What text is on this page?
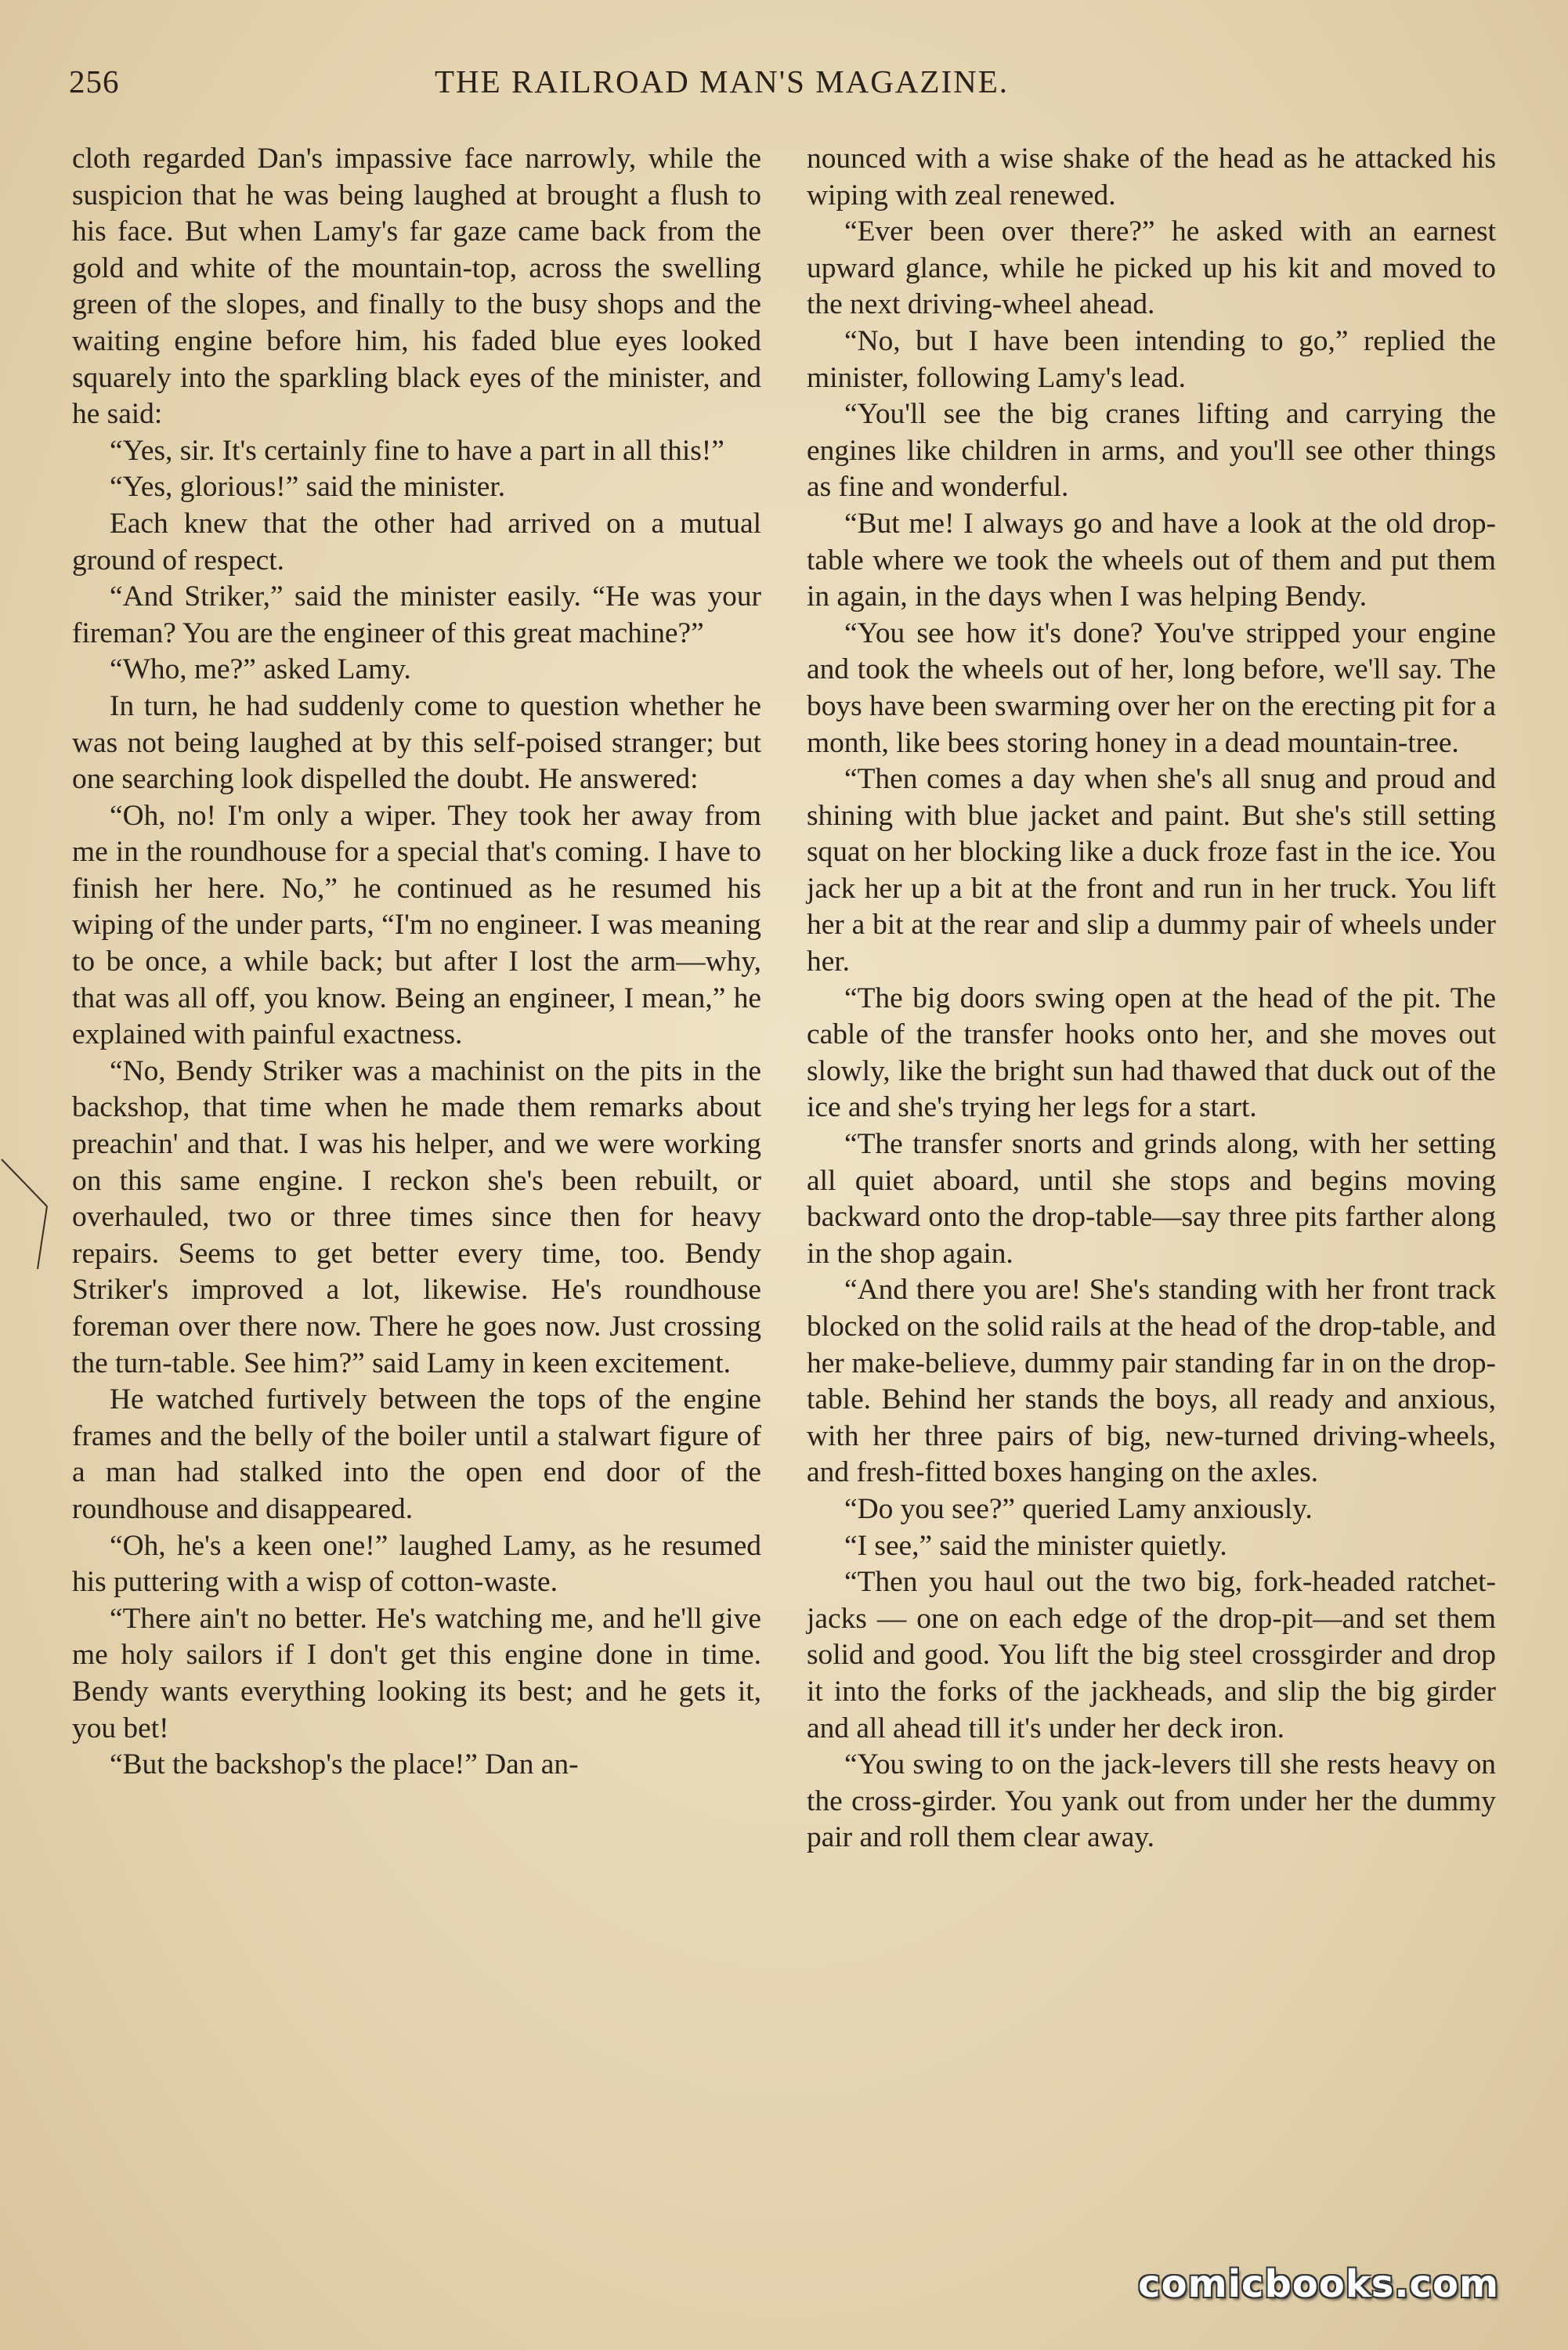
256	THE RAILROAD MAN'S MAGAZINE.

cloth regarded Dan's impassive face narrowly, while the suspicion that he was being laughed at brought a flush to his face. But when Lamy's far gaze came back from the gold and white of the mountain-top, across the swelling green of the slopes, and finally to the busy shops and the waiting engine before him, his faded blue eyes looked squarely into the sparkling black eyes of the minister, and he said:

“Yes, sir. It's certainly fine to have a part in all this!”

“Yes, glorious!” said the minister.

Each knew that the other had arrived on a mutual ground of respect.

“And Striker,” said the minister easily. “He was your fireman? You are the engineer of this great machine?”

“Who, me?” asked Lamy.

In turn, he had suddenly come to question whether he was not being laughed at by this self-poised stranger; but one searching look dispelled the doubt. He answered:

“Oh, no! I'm only a wiper. They took her away from me in the roundhouse for a special that's coming. I have to finish her here. No,” he continued as he resumed his wiping of the under parts, “I'm no engineer. I was meaning to be once, a while back; but after I lost the arm—why, that was all off, you know. Being an engineer, I mean,” he explained with painful exactness.

“No, Bendy Striker was a machinist on the pits in the backshop, that time when he made them remarks about preachin' and that. I was his helper, and we were working on this same engine. I reckon she's been rebuilt, or overhauled, two or three times since then for heavy repairs. Seems to get better every time, too. Bendy Striker's improved a lot, likewise. He's roundhouse foreman over there now. There he goes now. Just crossing the turn-table. See him?” said Lamy in keen excitement.

He watched furtively between the tops of the engine frames and the belly of the boiler until a stalwart figure of a man had stalked into the open end door of the roundhouse and disappeared.

“Oh, he's a keen one!” laughed Lamy, as he resumed his puttering with a wisp of cotton-waste.

“There ain't no better. He's watching me, and he'll give me holy sailors if I don't get this engine done in time. Bendy wants everything looking its best; and he gets it, you bet!

“But the backshop's the place!” Dan an-

nounced with a wise shake of the head as he attacked his wiping with zeal renewed.

“Ever been over there?” he asked with an earnest upward glance, while he picked up his kit and moved to the next driving-wheel ahead.

“No, but I have been intending to go,” replied the minister, following Lamy's lead.

“You'll see the big cranes lifting and carrying the engines like children in arms, and you'll see other things as fine and wonderful.

“But me! I always go and have a look at the old drop-table where we took the wheels out of them and put them in again, in the days when I was helping Bendy.

“You see how it's done? You've stripped your engine and took the wheels out of her, long before, we'll say. The boys have been swarming over her on the erecting pit for a month, like bees storing honey in a dead mountain-tree.

“Then comes a day when she's all snug and proud and shining with blue jacket and paint. But she's still setting squat on her blocking like a duck froze fast in the ice. You jack her up a bit at the front and run in her truck. You lift her a bit at the rear and slip a dummy pair of wheels under her.

“The big doors swing open at the head of the pit. The cable of the transfer hooks onto her, and she moves out slowly, like the bright sun had thawed that duck out of the ice and she's trying her legs for a start.

“The transfer snorts and grinds along, with her setting all quiet aboard, until she stops and begins moving backward onto the drop-table—say three pits farther along in the shop again.

“And there you are! She's standing with her front track blocked on the solid rails at the head of the drop-table, and her make-believe, dummy pair standing far in on the drop-table. Behind her stands the boys, all ready and anxious, with her three pairs of big, new-turned driving-wheels, and fresh-fitted boxes hanging on the axles.

“Do you see?” queried Lamy anxiously.

“I see,” said the minister quietly.

“Then you haul out the two big, fork-headed ratchet-jacks — one on each edge of the drop-pit—and set them solid and good. You lift the big steel crossgirder and drop it into the forks of the jackheads, and slip the big girder and all ahead till it's under her deck iron.

“You swing to on the jack-levers till she rests heavy on the cross-girder. You yank out from under her the dummy pair and roll them clear away.

comicbooks.com
